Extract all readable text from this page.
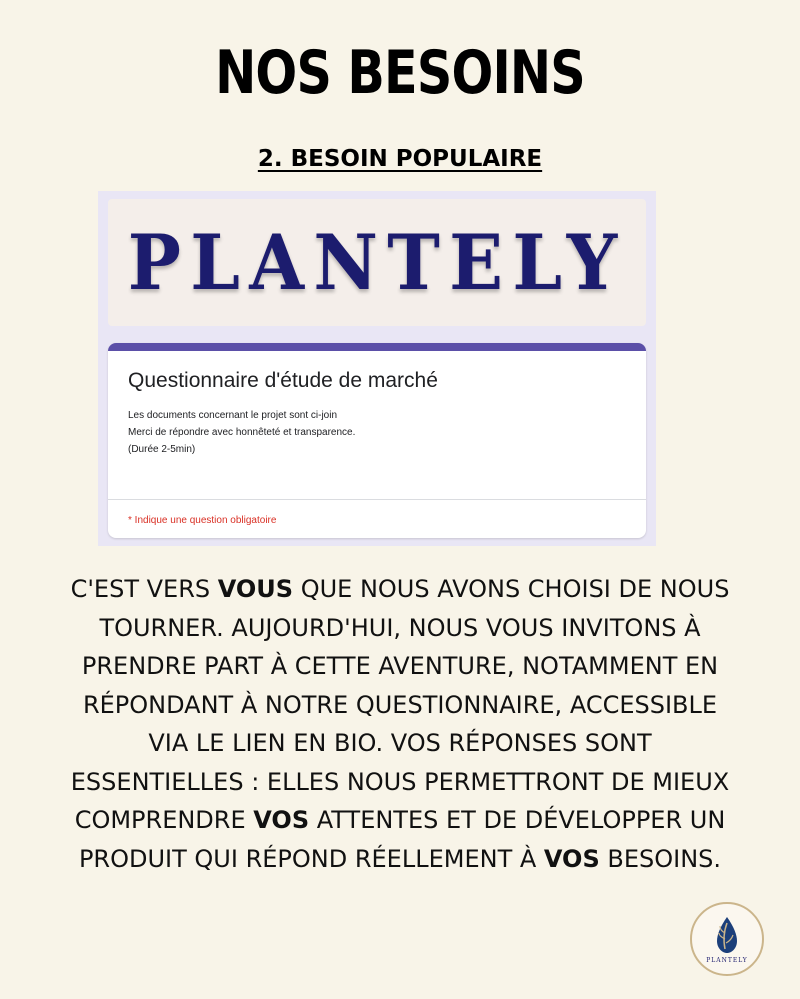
NOS BESOINS
2. BESOIN POPULAIRE
PLANTELY
Questionnaire d'étude de marché
Les documents concernant le projet sont ci-join
Merci de répondre avec honnêteté et transparence.
(Durée 2-5min)
* Indique une question obligatoire
C'EST VERS VOUS QUE NOUS AVONS CHOISI DE NOUS TOURNER. AUJOURD'HUI, NOUS VOUS INVITONS À PRENDRE PART À CETTE AVENTURE, NOTAMMENT EN RÉPONDANT À NOTRE QUESTIONNAIRE, ACCESSIBLE VIA LE LIEN EN BIO. VOS RÉPONSES SONT ESSENTIELLES : ELLES NOUS PERMETTRONT DE MIEUX COMPRENDRE VOS ATTENTES ET DE DÉVELOPPER UN PRODUIT QUI RÉPOND RÉELLEMENT À VOS BESOINS.
PLANTELY
